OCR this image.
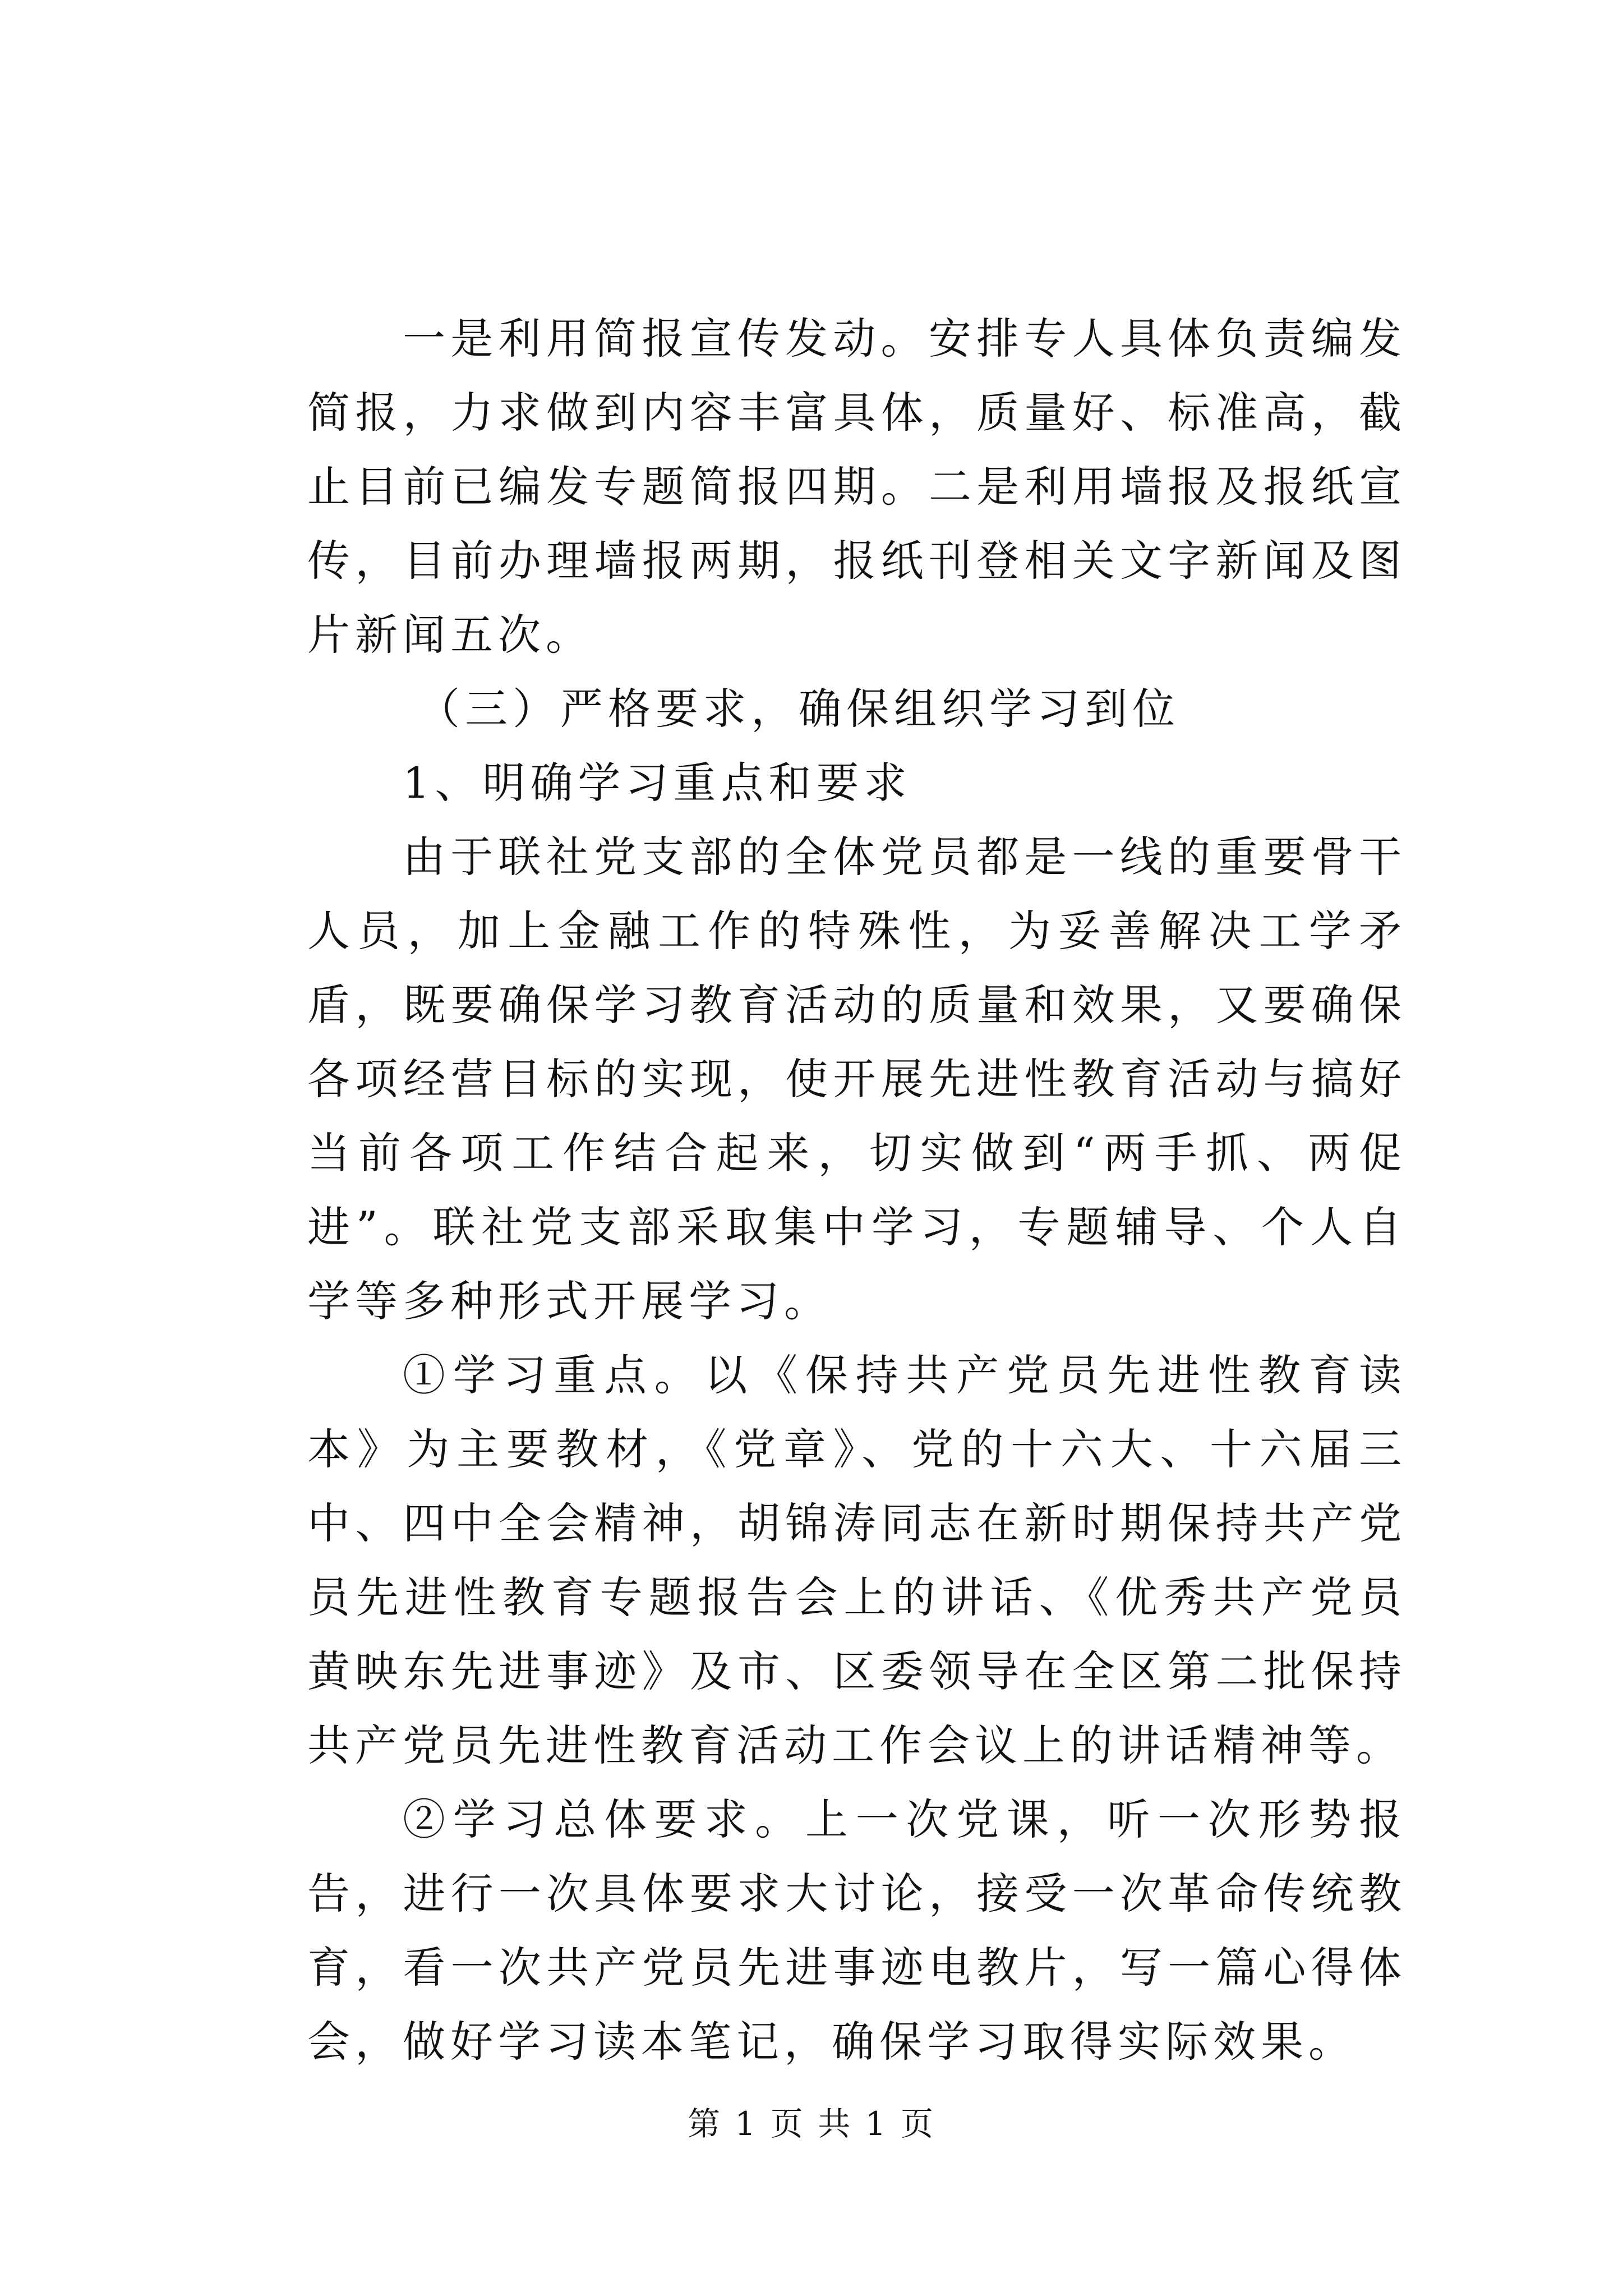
一是利用简报宣传发动。安排专人具体负责编发简报，力求做到内容丰富具体，质量好、标准高，截止目前已编发专题简报四期。二是利用墙报及报纸宣传，目前办理墙报两期，报纸刊登相关文字新闻及图片新闻五次。

（三）严格要求，确保组织学习到位

1、明确学习重点和要求

由于联社党支部的全体党员都是一线的重要骨干人员，加上金融工作的特殊性，为妥善解决工学矛盾，既要确保学习教育活动的质量和效果，又要确保各项经营目标的实现，使开展先进性教育活动与搞好当前各项工作结合起来，切实做到“两手抓、两促进”。联社党支部采取集中学习，专题辅导、个人自学等多种形式开展学习。

①学习重点。以《保持共产党员先进性教育读本》为主要教材，《党章》、党的十六大、十六届三中、四中全会精神，胡锦涛同志在新时期保持共产党员先进性教育专题报告会上的讲话、《优秀共产党员黄映东先进事迹》及市、区委领导在全区第二批保持共产党员先进性教育活动工作会议上的讲话精神等。

②学习总体要求。上一次党课，听一次形势报告，进行一次具体要求大讨论，接受一次革命传统教育，看一次共产党员先进事迹电教片，写一篇心得体会，做好学习读本笔记，确保学习取得实际效果。

第 1 页 共 1 页
